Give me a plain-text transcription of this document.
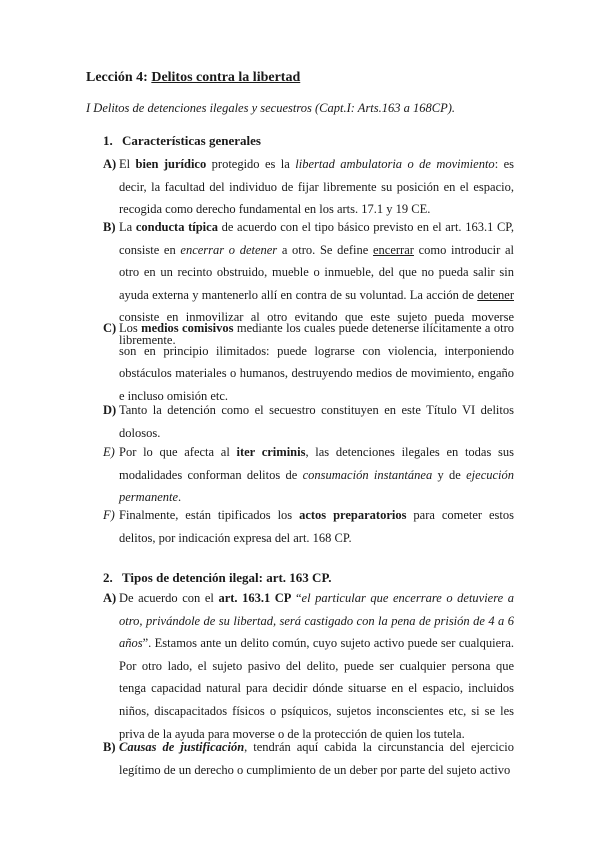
Lección 4: Delitos contra la libertad
I Delitos de detenciones ilegales y secuestros (Capt.I: Arts.163 a 168CP).
1. Características generales
A) El bien jurídico protegido es la libertad ambulatoria o de movimiento: es decir, la facultad del individuo de fijar libremente su posición en el espacio, recogida como derecho fundamental en los arts. 17.1 y 19 CE.
B) La conducta típica de acuerdo con el tipo básico previsto en el art. 163.1 CP, consiste en encerrar o detener a otro. Se define encerrar como introducir al otro en un recinto obstruido, mueble o inmueble, del que no pueda salir sin ayuda externa y mantenerlo allí en contra de su voluntad. La acción de detener consiste en inmovilizar al otro evitando que este sujeto pueda moverse libremente.
C) Los medios comisivos mediante los cuales puede detenerse ilícitamente a otro son en principio ilimitados: puede lograrse con violencia, interponiendo obstáculos materiales o humanos, destruyendo medios de movimiento, engaño e incluso omisión etc.
D) Tanto la detención como el secuestro constituyen en este Título VI delitos dolosos.
E) Por lo que afecta al iter criminis, las detenciones ilegales en todas sus modalidades conforman delitos de consumación instantánea y de ejecución permanente.
F) Finalmente, están tipificados los actos preparatorios para cometer estos delitos, por indicación expresa del art. 168 CP.
2. Tipos de detención ilegal: art. 163 CP.
A) De acuerdo con el art. 163.1 CP “el particular que encerrare o detuviere a otro, privándole de su libertad, será castigado con la pena de prisión de 4 a 6 años”. Estamos ante un delito común, cuyo sujeto activo puede ser cualquiera. Por otro lado, el sujeto pasivo del delito, puede ser cualquier persona que tenga capacidad natural para decidir dónde situarse en el espacio, incluidos niños, discapacitados físicos o psíquicos, sujetos inconscientes etc, si se les priva de la ayuda para moverse o de la protección de quien los tutela.
B) Causas de justificación, tendrán aquí cabida la circunstancia del ejercicio legítimo de un derecho o cumplimiento de un deber por parte del sujeto activo
